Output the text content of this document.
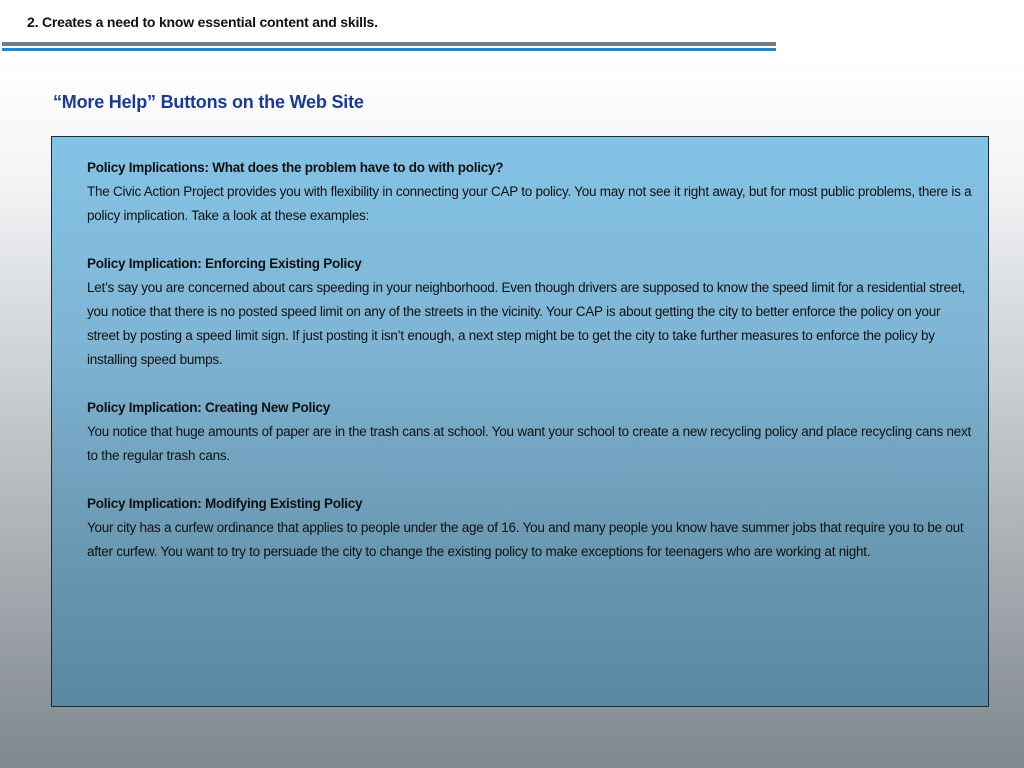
2. Creates a need to know essential content and skills.
“More Help” Buttons on the Web Site
Policy Implications: What does the problem have to do with policy?
The Civic Action Project provides you with flexibility in connecting your CAP to policy. You may not see it right away, but for most public problems, there is a policy implication. Take a look at these examples:
Policy Implication: Enforcing Existing Policy
Let’s say you are concerned about cars speeding in your neighborhood. Even though drivers are supposed to know the speed limit for a residential street, you notice that there is no posted speed limit on any of the streets in the vicinity. Your CAP is about getting the city to better enforce the policy on your street by posting a speed limit sign. If just posting it isn’t enough, a next step might be to get the city to take further measures to enforce the policy by installing speed bumps.
Policy Implication: Creating New Policy
You notice that huge amounts of paper are in the trash cans at school. You want your school to create a new recycling policy and place recycling cans next to the regular trash cans.
Policy Implication: Modifying Existing Policy
Your city has a curfew ordinance that applies to people under the age of 16. You and many people you know have summer jobs that require you to be out after curfew. You want to try to persuade the city to change the existing policy to make exceptions for teenagers who are working at night.
